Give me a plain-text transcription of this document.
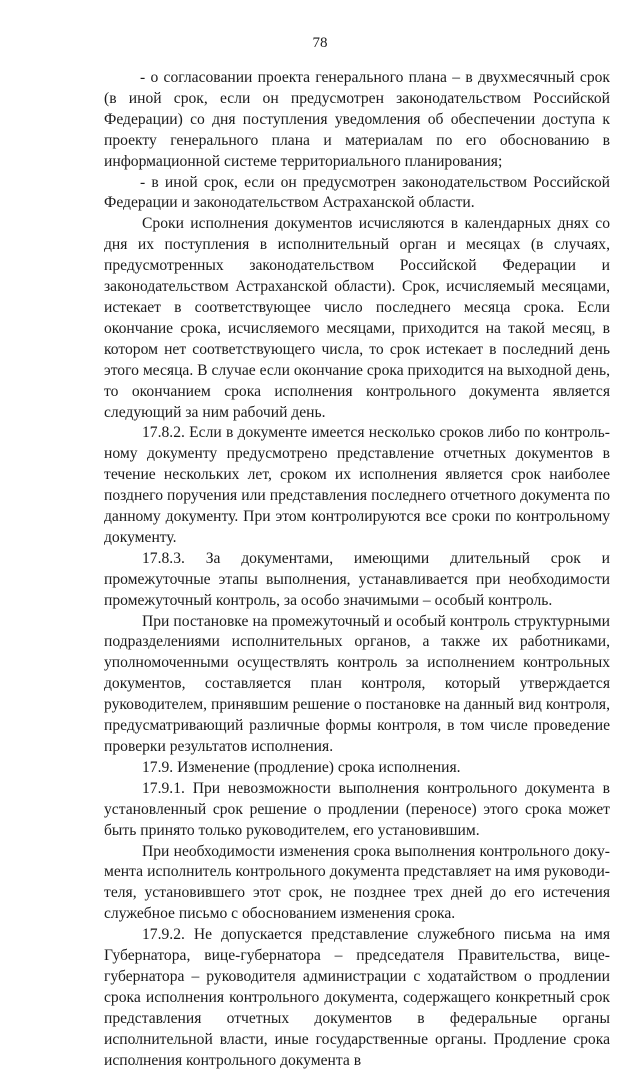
78

- о согласовании проекта генерального плана – в двухмесячный срок (в иной срок, если он предусмотрен законодательством Российской Федерации) со дня поступления уведомления об обеспечении доступа к проекту генерального плана и материалам по его обоснованию в информационной системе территориального планирования;

- в иной срок, если он предусмотрен законодательством Российской Федерации и законодательством Астраханской области.

Сроки исполнения документов исчисляются в календарных днях со дня их поступления в исполнительный орган и месяцах (в случаях, предусмотренных законодательством Российской Федерации и законодательством Астраханской области). Срок, исчисляемый месяцами, истекает в соответствующее число последнего месяца срока. Если окончание срока, исчисляемого месяцами, приходится на такой месяц, в котором нет соответствующего числа, то срок истекает в последний день этого месяца. В случае если окончание срока приходится на выходной день, то окончанием срока исполнения контрольного документа является следующий за ним рабочий день.

17.8.2. Если в документе имеется несколько сроков либо по контрольному документу предусмотрено представление отчетных документов в течение нескольких лет, сроком их исполнения является срок наиболее позднего поручения или представления последнего отчетного документа по данному документу. При этом контролируются все сроки по контрольному документу.

17.8.3. За документами, имеющими длительный срок и промежуточные этапы выполнения, устанавливается при необходимости промежуточный контроль, за особо значимыми – особый контроль.

При постановке на промежуточный и особый контроль структурными подразделениями исполнительных органов, а также их работниками, уполномоченными осуществлять контроль за исполнением контрольных документов, составляется план контроля, который утверждается руководителем, принявшим решение о постановке на данный вид контроля, предусматривающий различные формы контроля, в том числе проведение проверки результатов исполнения.

17.9. Изменение (продление) срока исполнения.

17.9.1. При невозможности выполнения контрольного документа в установленный срок решение о продлении (переносе) этого срока может быть принято только руководителем, его установившим.

При необходимости изменения срока выполнения контрольного документа исполнитель контрольного документа представляет на имя руководителя, установившего этот срок, не позднее трех дней до его истечения служебное письмо с обоснованием изменения срока.

17.9.2. Не допускается представление служебного письма на имя Губернатора, вице-губернатора – председателя Правительства, вице-губернатора – руководителя администрации с ходатайством о продлении срока исполнения контрольного документа, содержащего конкретный срок представления отчетных документов в федеральные органы исполнительной власти, иные государственные органы. Продление срока исполнения контрольного документа в
